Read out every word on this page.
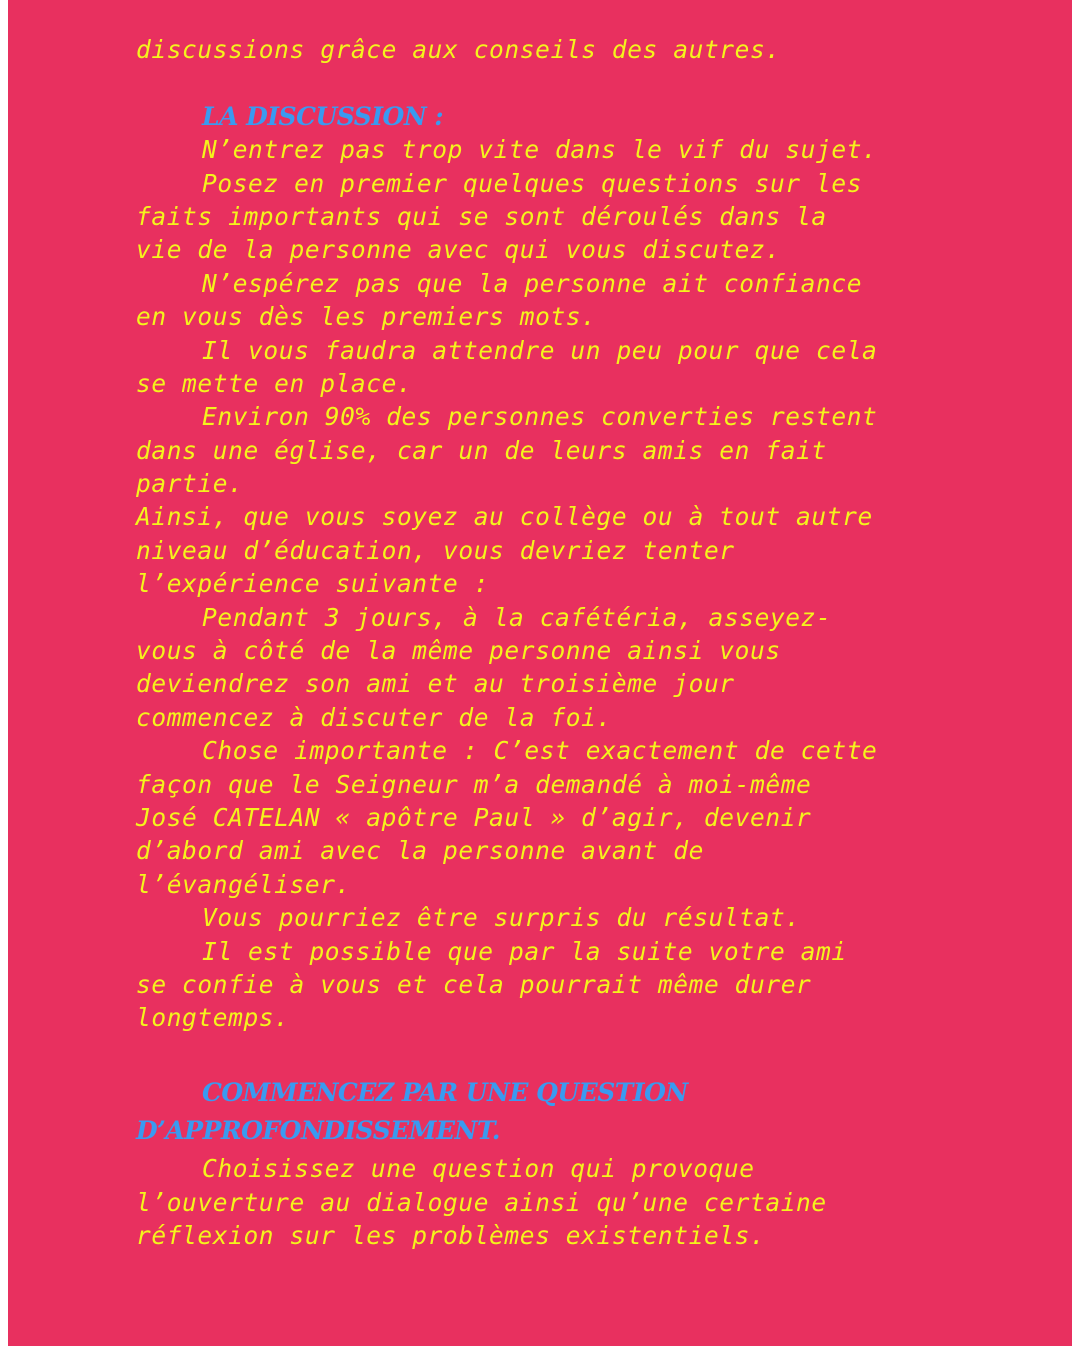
discussions grâce aux conseils des autres.
LA DISCUSSION :
N’entrez pas trop vite dans le vif du sujet.
Posez en premier quelques questions sur les
faits importants qui se sont déroulés dans la
vie de la personne avec qui vous discutez.
N’espérez pas que la personne ait confiance
en vous dès les premiers mots.
Il vous faudra attendre un peu pour que cela
se mette en place.
Environ 90% des personnes converties restent
dans une église, car un de leurs amis en fait
partie.
Ainsi, que vous soyez au collège ou à tout autre
niveau d’éducation, vous devriez tenter
l’expérience suivante :
Pendant 3 jours, à la cafétéria, asseyez-
vous à côté de la même personne ainsi vous
deviendrez son ami et au troisième jour
commencez à discuter de la foi.
Chose importante : C’est exactement de cette
façon que le Seigneur m’a demandé à moi-même
José CATELAN « apôtre Paul » d’agir, devenir
d’abord ami avec la personne avant de
l’évangéliser.
Vous pourriez être surpris du résultat.
Il est possible que par la suite votre ami
se confie à vous et cela pourrait même durer
longtemps.
COMMENCEZ PAR UNE QUESTION
D’APPROFONDISSEMENT.
Choisissez une question qui provoque
l’ouverture au dialogue ainsi qu’une certaine
réflexion sur les problèmes existentiels.
